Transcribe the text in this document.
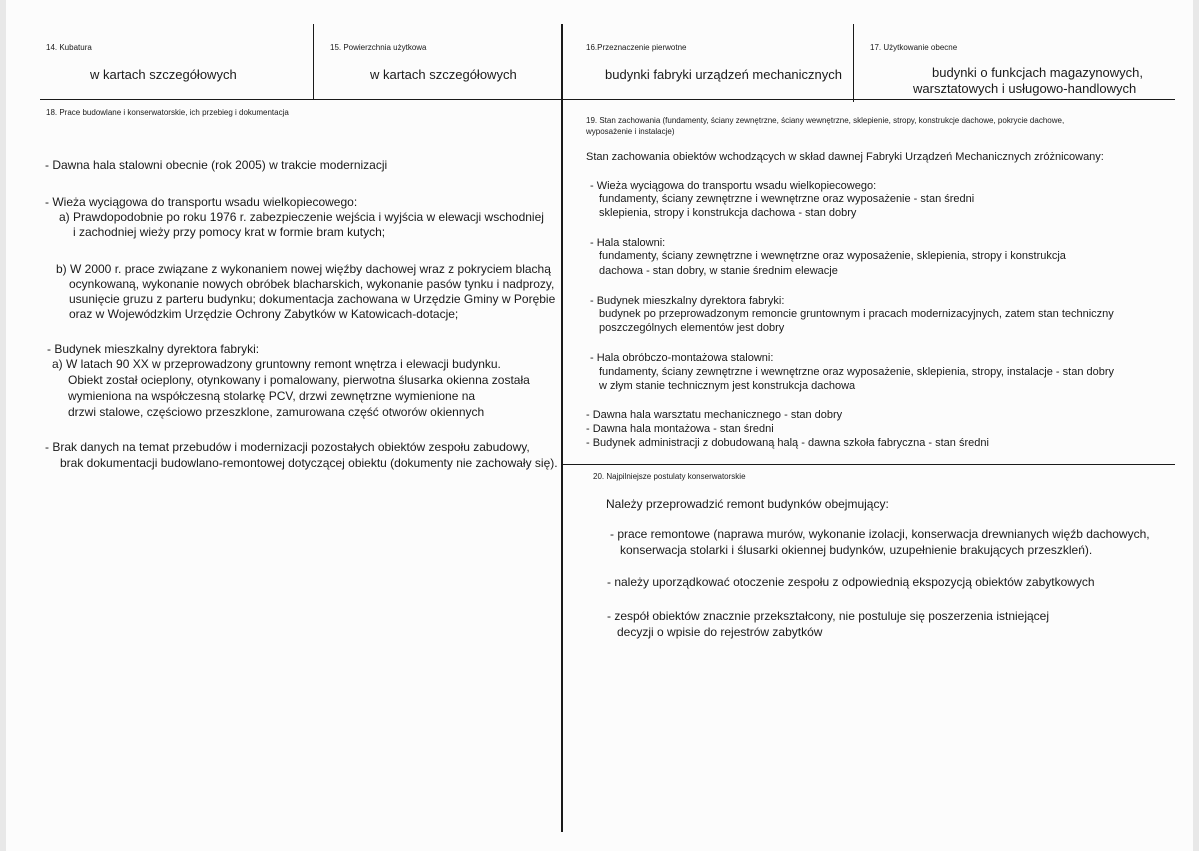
14. Kubatura
w kartach szczegółowych
15. Powierzchnia użytkowa
w kartach szczegółowych
16.Przeznaczenie pierwotne
budynki fabryki urządzeń mechanicznych
17. Użytkowanie obecne
budynki o funkcjach magazynowych,
warsztatowych i usługowo-handlowych
18. Prace budowlane i konserwatorskie, ich przebieg i dokumentacja
- Dawna hala stalowni obecnie (rok 2005) w trakcie modernizacji
- Wieża wyciągowa do transportu wsadu wielkopiecowego:
a) Prawdopodobnie po roku 1976 r. zabezpieczenie wejścia i wyjścia w elewacji wschodniej
i zachodniej wieży przy pomocy krat w formie bram kutych;
b) W 2000 r. prace związane z wykonaniem nowej więźby dachowej wraz z pokryciem blachą
ocynkowaną, wykonanie nowych obróbek blacharskich, wykonanie pasów tynku i nadprozy,
usunięcie gruzu z parteru budynku; dokumentacja zachowana w Urzędzie Gminy w Porębie
oraz w Wojewódzkim Urzędzie Ochrony Zabytków w Katowicach-dotacje;
- Budynek mieszkalny dyrektora fabryki:
a) W latach 90 XX w przeprowadzony gruntowny remont wnętrza i elewacji budynku.
Obiekt został ocieplony, otynkowany i pomalowany, pierwotna ślusarka okienna została
wymieniona na współczesną stolarkę PCV, drzwi zewnętrzne wymienione na
drzwi stalowe, częściowo przeszklone, zamurowana część otworów okiennych
- Brak danych na temat przebudów i modernizacji pozostałych obiektów zespołu zabudowy,
brak dokumentacji budowlano-remontowej dotyczącej obiektu (dokumenty nie zachowały się).
19. Stan zachowania (fundamenty, ściany zewnętrzne, ściany wewnętrzne, sklepienie, stropy, konstrukcje dachowe, pokrycie dachowe,
wyposażenie i instalacje)
Stan zachowania obiektów wchodzących w skład dawnej Fabryki Urządzeń Mechanicznych zróżnicowany:
- Wieża wyciągowa do transportu wsadu wielkopiecowego:
fundamenty, ściany zewnętrzne i wewnętrzne oraz wyposażenie - stan średni
sklepienia, stropy i konstrukcja dachowa - stan dobry
- Hala stalowni:
fundamenty, ściany zewnętrzne i wewnętrzne oraz wyposażenie, sklepienia, stropy i konstrukcja
dachowa - stan dobry, w stanie średnim elewacje
- Budynek mieszkalny dyrektora fabryki:
budynek po przeprowadzonym remoncie gruntownym i pracach modernizacyjnych, zatem stan techniczny
poszczególnych elementów jest dobry
- Hala obróbczo-montażowa stalowni:
fundamenty, ściany zewnętrzne i wewnętrzne oraz wyposażenie, sklepienia, stropy, instalacje - stan dobry
w złym stanie technicznym jest konstrukcja dachowa
- Dawna hala warsztatu mechanicznego - stan dobry
- Dawna hala montażowa - stan średni
- Budynek administracji z dobudowaną halą - dawna szkoła fabryczna - stan średni
20. Najpilniejsze postulaty konserwatorskie
Należy przeprowadzić remont budynków obejmujący:
- prace remontowe (naprawa murów, wykonanie izolacji, konserwacja drewnianych więźb dachowych,
konserwacja stolarki i ślusarki okiennej budynków, uzupełnienie brakujących przeszkleń).
- należy uporządkować otoczenie zespołu z odpowiednią ekspozycją obiektów zabytkowych
- zespół obiektów znacznie przekształcony, nie postuluje się poszerzenia istniejącej
decyzji o wpisie do rejestrów zabytków
